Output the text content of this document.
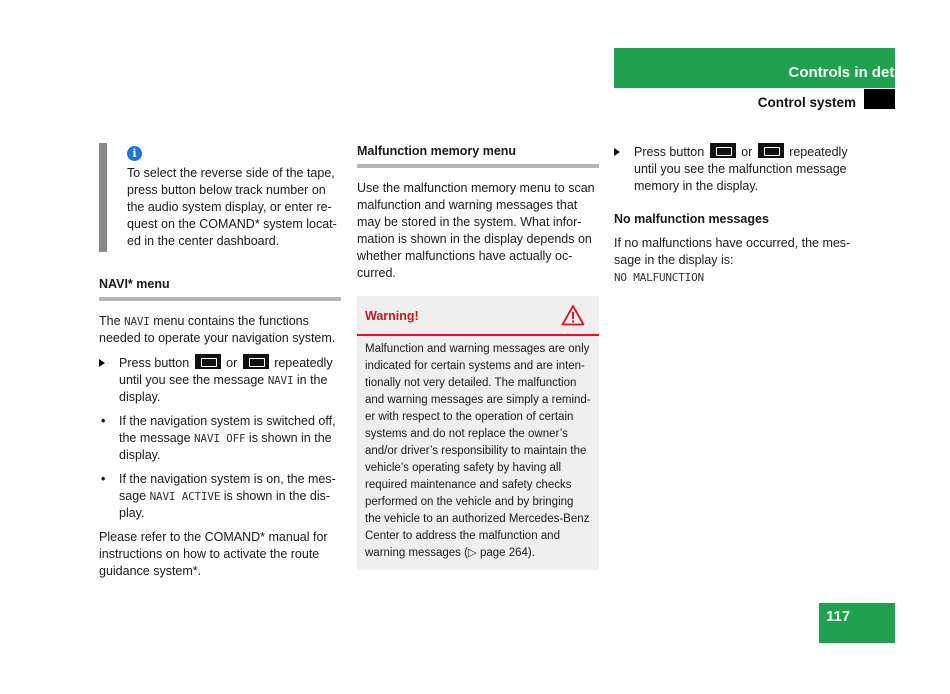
Controls in detail
Control system
i
To select the reverse side of the tape, press button below track number on the audio system display, or enter re-quest on the COMAND* system locat-ed in the center dashboard.
NAVI* menu

The NAVI menu contains the functions needed to operate your navigation system.

Press button  or  repeatedly until you see the message NAVI in the display.
• If the navigation system is switched off, the message NAVI OFF is shown in the display.
• If the navigation system is on, the mes-sage NAVI ACTIVE is shown in the dis-play.

Please refer to the COMAND* manual for instructions on how to activate the route guidance system*.

Malfunction memory menu

Use the malfunction memory menu to scan malfunction and warning messages that may be stored in the system. What infor-mation is shown in the display depends on whether malfunctions have actually oc-curred.

Warning!
Malfunction and warning messages are only indicated for certain systems and are inten-tionally not very detailed. The malfunction and warning messages are simply a remind-er with respect to the operation of certain systems and do not replace the owner’s and/or driver’s responsibility to maintain the vehicle’s operating safety by having all required maintenance and safety checks performed on the vehicle and by bringing the vehicle to an authorized Mercedes-Benz Center to address the malfunction and warning messages (▷ page 264).
Press button  or  repeatedly until you see the malfunction message memory in the display.

No malfunction messages

If no malfunctions have occurred, the mes-sage in the display is:

NO MALFUNCTION
117
